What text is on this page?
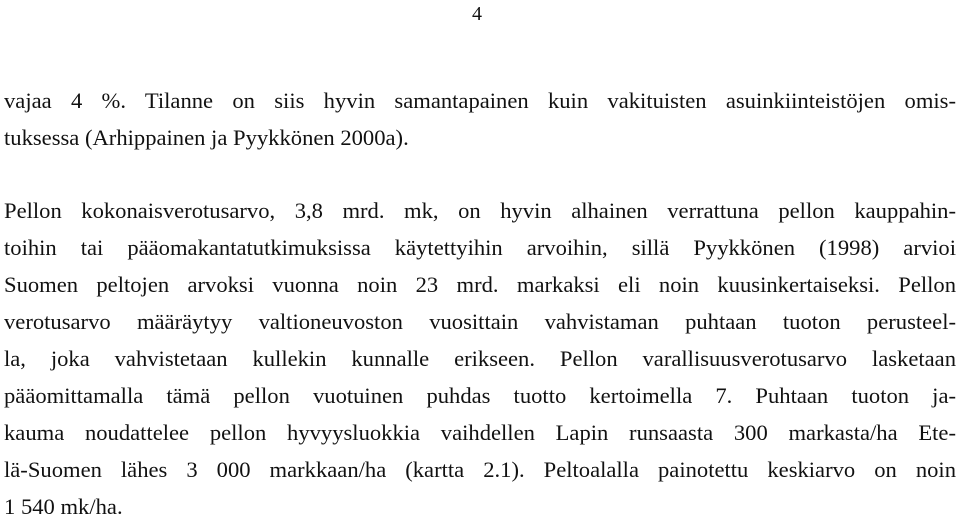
4
vajaa 4 %. Tilanne on siis hyvin samantapainen kuin vakituisten asuinkiinteistöjen omis-
tuksessa (Arhippainen ja Pyykkönen 2000a).
Pellon kokonaisverotusarvo, 3,8 mrd. mk, on hyvin alhainen verrattuna pellon kauppahin-
toihin tai pääomakantatutkimuksissa käytettyihin arvoihin, sillä Pyykkönen (1998) arvioi
Suomen peltojen arvoksi vuonna noin 23 mrd. markaksi eli noin kuusinkertaiseksi. Pellon
verotusarvo määräytyy valtioneuvoston vuosittain vahvistaman puhtaan tuoton perusteel-
la, joka vahvistetaan kullekin kunnalle erikseen. Pellon varallisuusverotusarvo lasketaan
pääomittamalla tämä pellon vuotuinen puhdas tuotto kertoimella 7. Puhtaan tuoton ja-
kauma noudattelee pellon hyvyysluokkia vaihdellen Lapin runsaasta 300 markasta/ha Ete-
lä-Suomen lähes 3 000 markkaan/ha (kartta 2.1). Peltoalalla painotettu keskiarvo on noin
1 540 mk/ha.
